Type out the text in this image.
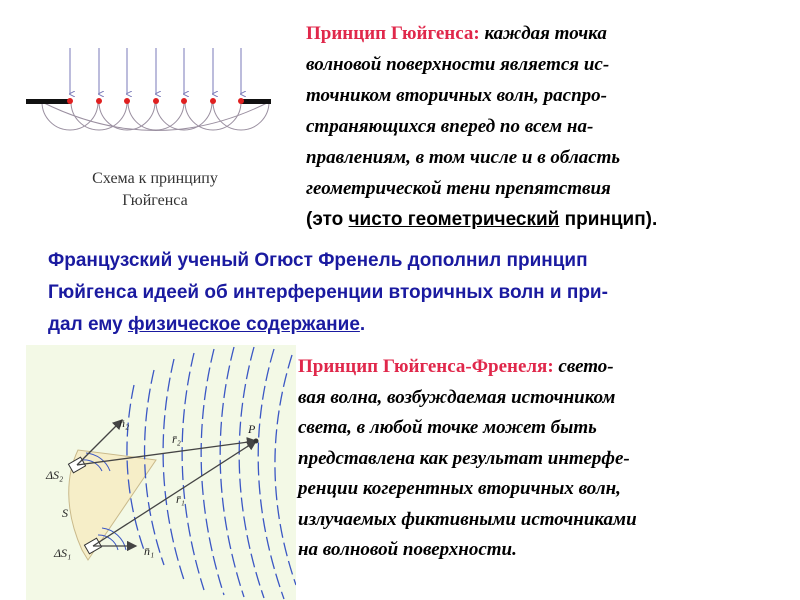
Схема к принципу
Гюйгенса
Принцип Гюйгенса: каждая точка
волновой поверхности является ис-
точником вторичных волн, распро-
страняющихся вперед по всем на-
правлениям, в том числе и в область
геометрической тени препятствия
(это чисто геометрический принцип).
Французский ученый Огюст Френель дополнил принцип
Гюйгенса идеей об интерференции вторичных волн и при-
дал ему физическое содержание.
ΔS₂
ΔS₁
S
P
n̄₂
n̄₁
r̄₂
r̄₁
Принцип Гюйгенса-Френеля: свето-
вая волна, возбуждаемая источником
света, в любой точке может быть
представлена как результат интерфе-
ренции когерентных вторичных волн,
излучаемых фиктивными источниками
на волновой поверхности.
